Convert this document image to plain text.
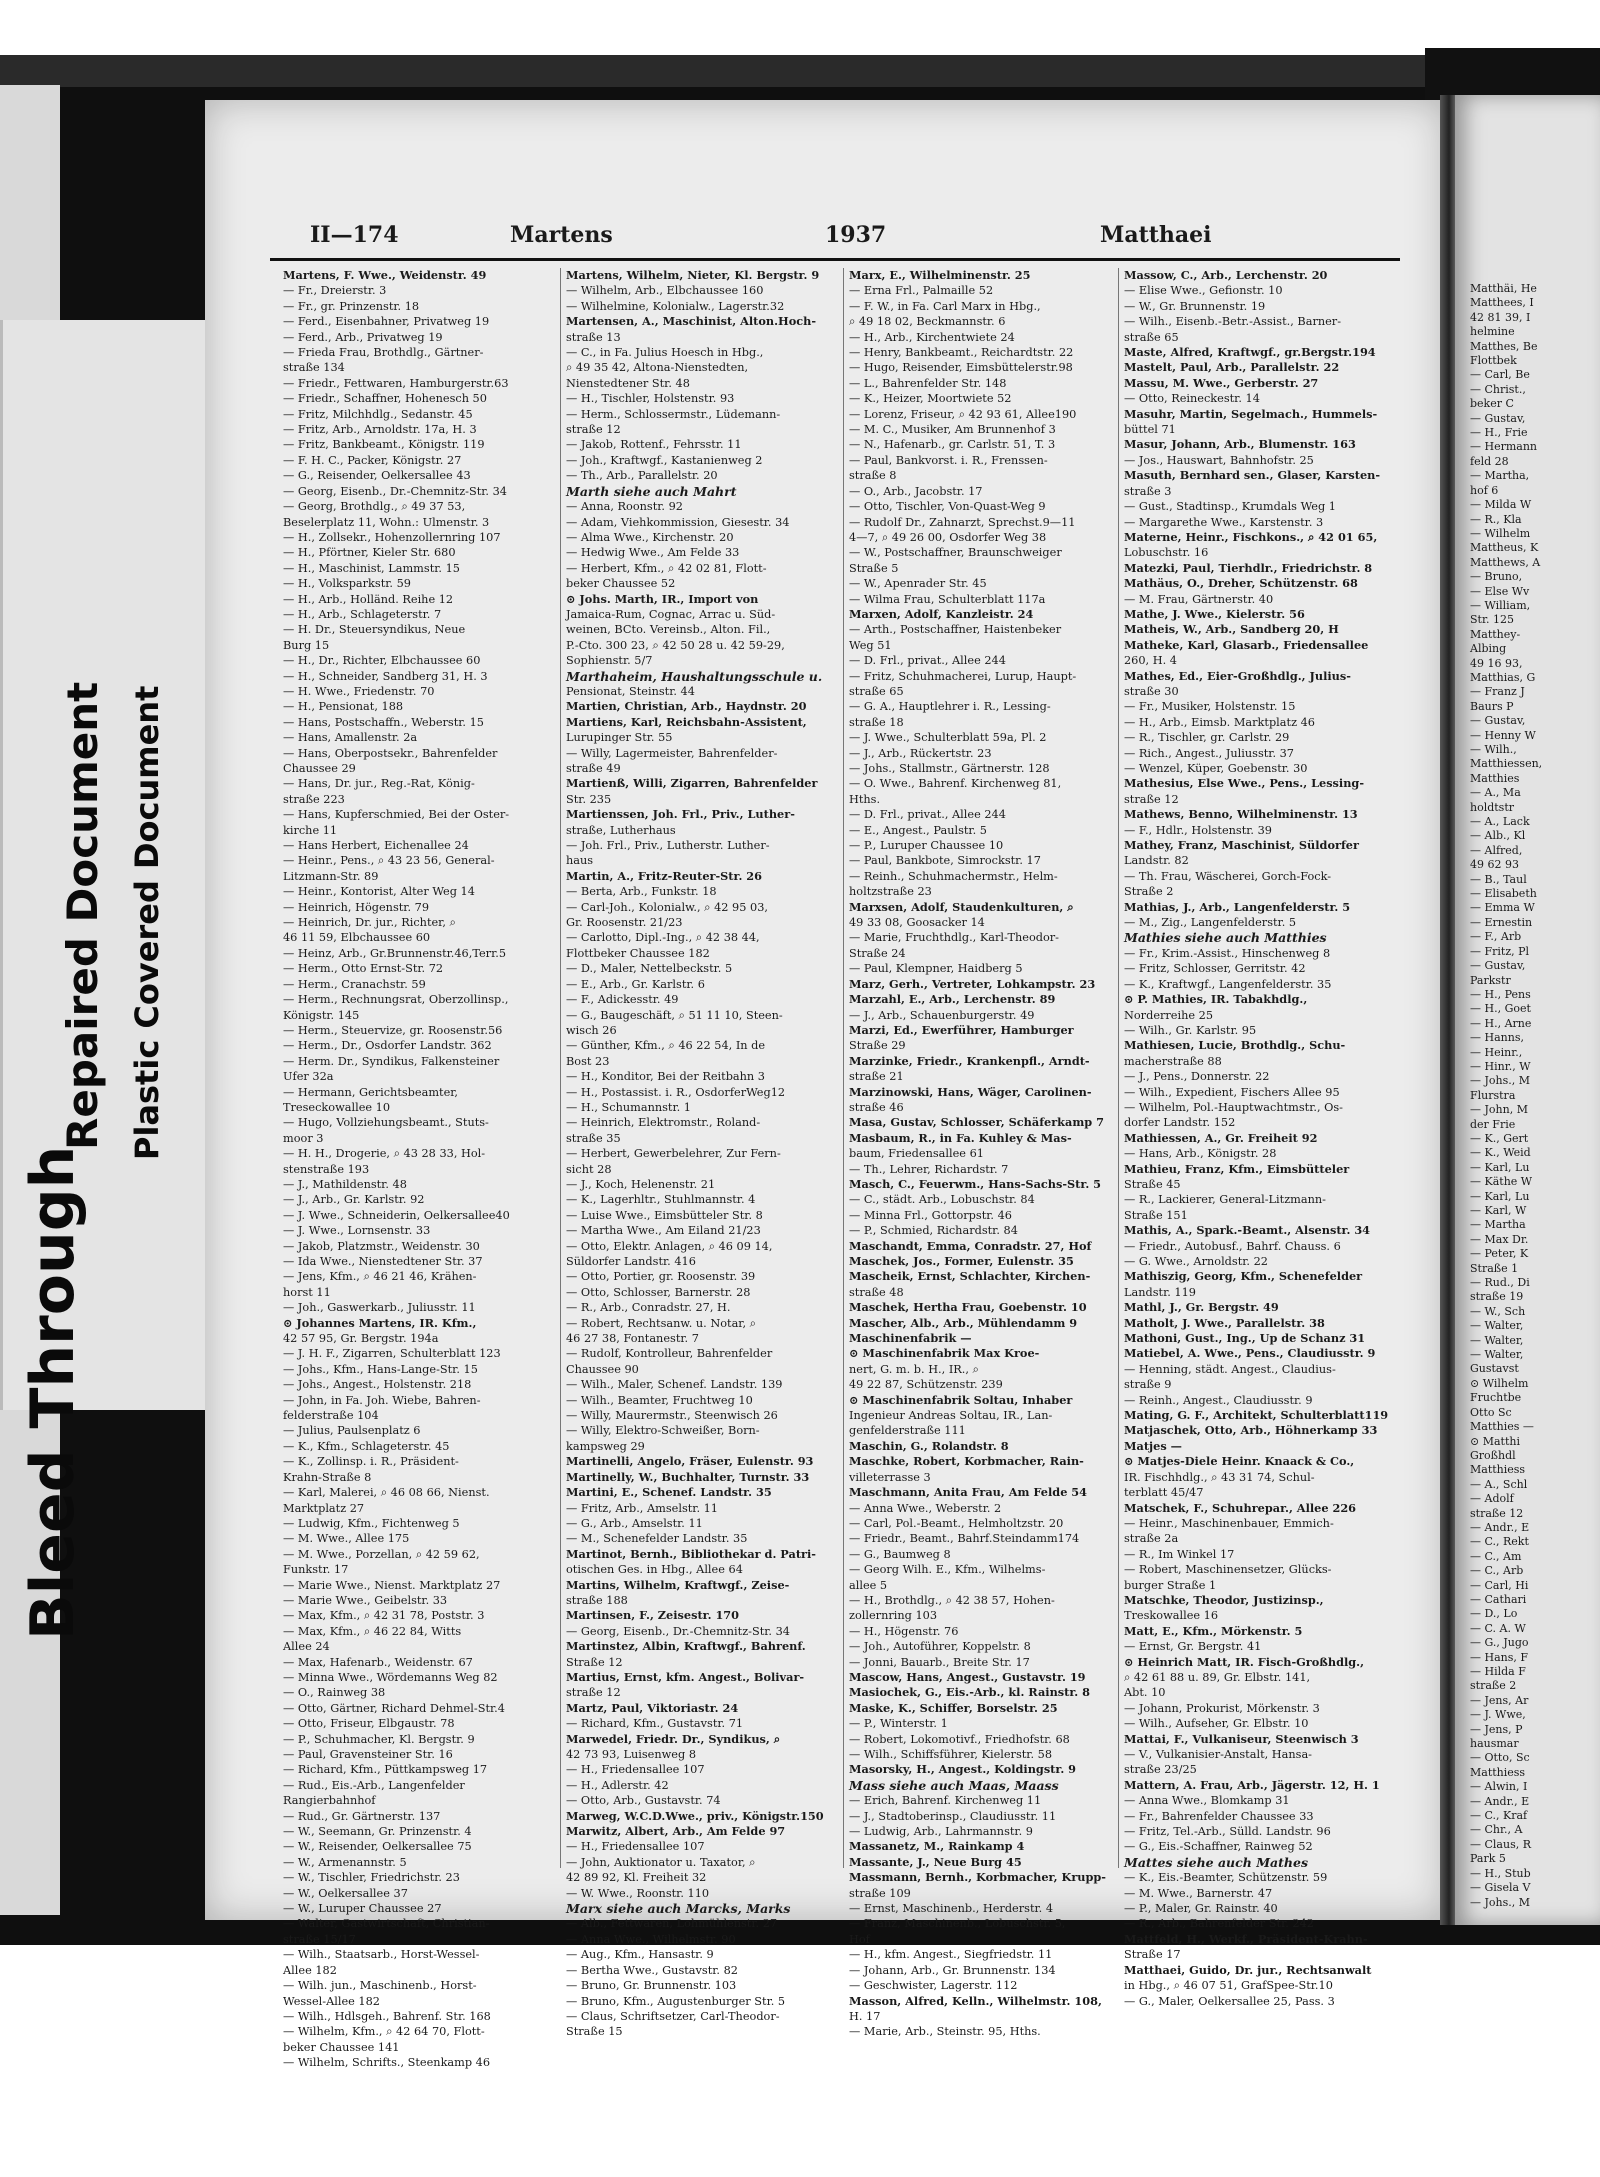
Bleed Through
Repaired Document Plastic Covered Document
II—174	Martens	1937	Matthaei
Martens, F. Wwe., Weidenstr. 49
— Fr., Dreierstr. 3
— Fr., gr. Prinzenstr. 18
— Ferd., Eisenbahner, Privatweg 19
— Ferd., Arb., Privatweg 19
— Frieda Frau, Brothdlg., Gärtner-
straße 134
— Friedr., Fettwaren, Hamburgerstr.63
— Friedr., Schaffner, Hohenesch 50
— Fritz, Milchhdlg., Sedanstr. 45
— Fritz, Arb., Arnoldstr. 17a, H. 3
— Fritz, Bankbeamt., Königstr. 119
— F. H. C., Packer, Königstr. 27
— G., Reisender, Oelkersallee 43
— Georg, Eisenb., Dr.-Chemnitz-Str. 34
— Georg, Brothdlg., ⌕ 49 37 53,
Beselerplatz 11, Wohn.: Ulmenstr. 3
— H., Zollsekr., Hohenzollernring 107
— H., Pförtner, Kieler Str. 680
— H., Maschinist, Lammstr. 15
— H., Volksparkstr. 59
— H., Arb., Holländ. Reihe 12
— H., Arb., Schlageterstr. 7
— H. Dr., Steuersyndikus, Neue
Burg 15
— H., Dr., Richter, Elbchaussee 60
— H., Schneider, Sandberg 31, H. 3
— H. Wwe., Friedenstr. 70
— H., Pensionat, 188
— Hans, Postschaffn., Weberstr. 15
— Hans, Amallenstr. 2a
— Hans, Oberpostsekr., Bahrenfelder
Chaussee 29
— Hans, Dr. jur., Reg.-Rat, König-
straße 223
— Hans, Kupferschmied, Bei der Oster-
kirche 11
— Hans Herbert, Eichenallee 24
— Heinr., Pens., ⌕ 43 23 56, General-
Litzmann-Str. 89
— Heinr., Kontorist, Alter Weg 14
— Heinrich, Högenstr. 79
— Heinrich, Dr. jur., Richter, ⌕
46 11 59, Elbchaussee 60
— Heinz, Arb., Gr.Brunnenstr.46,Terr.5
— Herm., Otto Ernst-Str. 72
— Herm., Cranachstr. 59
— Herm., Rechnungsrat, Oberzollinsp.,
Königstr. 145
— Herm., Steuervize, gr. Roosenstr.56
— Herm., Dr., Osdorfer Landstr. 362
— Herm. Dr., Syndikus, Falkensteiner
Ufer 32a
— Hermann, Gerichtsbeamter,
Treseckowallee 10
— Hugo, Vollziehungsbeamt., Stuts-
moor 3
— H. H., Drogerie, ⌕ 43 28 33, Hol-
stenstraße 193
— J., Mathildenstr. 48
— J., Arb., Gr. Karlstr. 92
— J. Wwe., Schneiderin, Oelkersallee40
— J. Wwe., Lornsenstr. 33
— Jakob, Platzmstr., Weidenstr. 30
— Ida Wwe., Nienstedtener Str. 37
— Jens, Kfm., ⌕ 46 21 46, Krähen-
horst 11
— Joh., Gaswerkarb., Juliusstr. 11
⊙ Johannes Martens, IR. Kfm.,
42 57 95, Gr. Bergstr. 194a
— J. H. F., Zigarren, Schulterblatt 123
— Johs., Kfm., Hans-Lange-Str. 15
— Johs., Angest., Holstenstr. 218
— John, in Fa. Joh. Wiebe, Bahren-
felderstraße 104
— Julius, Paulsenplatz 6
— K., Kfm., Schlageterstr. 45
— K., Zollinsp. i. R., Präsident-
Krahn-Straße 8
— Karl, Malerei, ⌕ 46 08 66, Nienst.
Marktplatz 27
— Ludwig, Kfm., Fichtenweg 5
— M. Wwe., Allee 175
— M. Wwe., Porzellan, ⌕ 42 59 62,
Funkstr. 17
— Marie Wwe., Nienst. Marktplatz 27
— Marie Wwe., Geibelstr. 33
— Max, Kfm., ⌕ 42 31 78, Poststr. 3
— Max, Kfm., ⌕ 46 22 84, Witts
Allee 24
— Max, Hafenarb., Weidenstr. 67
— Minna Wwe., Wördemanns Weg 82
— O., Rainweg 38
— Otto, Gärtner, Richard Dehmel-Str.4
— Otto, Friseur, Elbgaustr. 78
— P., Schuhmacher, Kl. Bergstr. 9
— Paul, Gravensteiner Str. 16
— Richard, Kfm., Püttkampsweg 17
— Rud., Eis.-Arb., Langenfelder
Rangierbahnhof
— Rud., Gr. Gärtnerstr. 137
— W., Seemann, Gr. Prinzenstr. 4
— W., Reisender, Oelkersallee 75
— W., Armenannstr. 5
— W., Tischler, Friedrichstr. 23
— W., Oelkersallee 37
— W., Luruper Chaussee 27
— Walter, Gastwirtschaft, Christian-
straße 15/17
— Wilh., Staatsarb., Horst-Wessel-
Allee 182
— Wilh. jun., Maschinenb., Horst-
Wessel-Allee 182
— Wilh., Hdlsgeh., Bahrenf. Str. 168
— Wilhelm, Kfm., ⌕ 42 64 70, Flott-
beker Chaussee 141
— Wilhelm, Schrifts., Steenkamp 46
Martens, Wilhelm, Nieter, Kl. Bergstr. 9
— Wilhelm, Arb., Elbchaussee 160
— Wilhelmine, Kolonialw., Lagerstr.32
Martensen, A., Maschinist, Alton.Hoch-
straße 13
— C., in Fa. Julius Hoesch in Hbg.,
⌕ 49 35 42, Altona-Nienstedten,
Nienstedtener Str. 48
— H., Tischler, Holstenstr. 93
— Herm., Schlossermstr., Lüdemann-
straße 12
— Jakob, Rottenf., Fehrsstr. 11
— Joh., Kraftwgf., Kastanienweg 2
— Th., Arb., Parallelstr. 20
Marth siehe auch Mahrt
— Anna, Roonstr. 92
— Adam, Viehkommission, Giesestr. 34
— Alma Wwe., Kirchenstr. 20
— Hedwig Wwe., Am Felde 33
— Herbert, Kfm., ⌕ 42 02 81, Flott-
beker Chaussee 52
⊙ Johs. Marth, IR., Import von
Jamaica-Rum, Cognac, Arrac u. Süd-
weinen, BCto. Vereinsb., Alton. Fil.,
P.-Cto. 300 23, ⌕ 42 50 28 u. 42 59-29,
Sophienstr. 5/7
Marthaheim, Haushaltungsschule u.
Pensionat, Steinstr. 44
Martien, Christian, Arb., Haydnstr. 20
Martiens, Karl, Reichsbahn-Assistent,
Lurupinger Str. 55
— Willy, Lagermeister, Bahrenfelder-
straße 49
Martienß, Willi, Zigarren, Bahrenfelder
Str. 235
Martienssen, Joh. Frl., Priv., Luther-
straße, Lutherhaus
— Joh. Frl., Priv., Lutherstr. Luther-
haus
Martin, A., Fritz-Reuter-Str. 26
— Berta, Arb., Funkstr. 18
— Carl-Joh., Kolonialw., ⌕ 42 95 03,
Gr. Roosenstr. 21/23
— Carlotto, Dipl.-Ing., ⌕ 42 38 44,
Flottbeker Chaussee 182
— D., Maler, Nettelbeckstr. 5
— E., Arb., Gr. Karlstr. 6
— F., Adickesstr. 49
— G., Baugeschäft, ⌕ 51 11 10, Steen-
wisch 26
— Günther, Kfm., ⌕ 46 22 54, In de
Bost 23
— H., Konditor, Bei der Reitbahn 3
— H., Postassist. i. R., OsdorferWeg12
— H., Schumannstr. 1
— Heinrich, Elektromstr., Roland-
straße 35
— Herbert, Gewerbelehrer, Zur Fern-
sicht 28
— J., Koch, Helenenstr. 21
— K., Lagerhltr., Stuhlmannstr. 4
— Luise Wwe., Eimsbütteler Str. 8
— Martha Wwe., Am Eiland 21/23
— Otto, Elektr. Anlagen, ⌕ 46 09 14,
Süldorfer Landstr. 416
— Otto, Portier, gr. Roosenstr. 39
— Otto, Schlosser, Barnerstr. 28
— R., Arb., Conradstr. 27, H.
— Robert, Rechtsanw. u. Notar, ⌕
46 27 38, Fontanestr. 7
— Rudolf, Kontrolleur, Bahrenfelder
Chaussee 90
— Wilh., Maler, Schenef. Landstr. 139
— Wilh., Beamter, Fruchtweg 10
— Willy, Maurermstr., Steenwisch 26
— Willy, Elektro-Schweißer, Born-
kampsweg 29
Martinelli, Angelo, Fräser, Eulenstr. 93
Martinelly, W., Buchhalter, Turnstr. 33
Martini, E., Schenef. Landstr. 35
— Fritz, Arb., Amselstr. 11
— G., Arb., Amselstr. 11
— M., Schenefelder Landstr. 35
Martinot, Bernh., Bibliothekar d. Patri-
otischen Ges. in Hbg., Allee 64
Martins, Wilhelm, Kraftwgf., Zeise-
straße 188
Martinsen, F., Zeisestr. 170
— Georg, Eisenb., Dr.-Chemnitz-Str. 34
Martinstez, Albin, Kraftwgf., Bahrenf.
Straße 12
Martius, Ernst, kfm. Angest., Bolivar-
straße 12
Martz, Paul, Viktoriastr. 24
— Richard, Kfm., Gustavstr. 71
Marwedel, Friedr. Dr., Syndikus, ⌕
42 73 93, Luisenweg 8
— H., Friedensallee 107
— H., Adlerstr. 42
— Otto, Arb., Gustavstr. 74
Marweg, W.C.D.Wwe., priv., Königstr.150
Marwitz, Albert, Arb., Am Felde 97
— H., Friedensallee 107
— John, Auktionator u. Taxator, ⌕
42 89 92, Kl. Freiheit 32
— W. Wwe., Roonstr. 110
Marx siehe auch Marcks, Marks
— Alb., Fettwaren, Lohmühlenstr. 27
— Anna Wwe., Wilhelmstr. 90
— Aug., Kfm., Hansastr. 9
— Bertha Wwe., Gustavstr. 82
— Bruno, Gr. Brunnenstr. 103
— Bruno, Kfm., Augustenburger Str. 5
— Claus, Schriftsetzer, Carl-Theodor-
Straße 15
Marx, E., Wilhelminenstr. 25
— Erna Frl., Palmaille 52
— F. W., in Fa. Carl Marx in Hbg.,
⌕ 49 18 02, Beckmannstr. 6
— H., Arb., Kirchentwiete 24
— Henry, Bankbeamt., Reichardtstr. 22
— Hugo, Reisender, Eimsbüttelerstr.98
— L., Bahrenfelder Str. 148
— K., Heizer, Moortwiete 52
— Lorenz, Friseur, ⌕ 42 93 61, Allee190
— M. C., Musiker, Am Brunnenhof 3
— N., Hafenarb., gr. Carlstr. 51, T. 3
— Paul, Bankvorst. i. R., Frenssen-
straße 8
— O., Arb., Jacobstr. 17
— Otto, Tischler, Von-Quast-Weg 9
— Rudolf Dr., Zahnarzt, Sprechst.9—11
4—7, ⌕ 49 26 00, Osdorfer Weg 38
— W., Postschaffner, Braunschweiger
Straße 5
— W., Apenrader Str. 45
— Wilma Frau, Schulterblatt 117a
Marxen, Adolf, Kanzleistr. 24
— Arth., Postschaffner, Haistenbeker
Weg 51
— D. Frl., privat., Allee 244
— Fritz, Schuhmacherei, Lurup, Haupt-
straße 65
— G. A., Hauptlehrer i. R., Lessing-
straße 18
— J. Wwe., Schulterblatt 59a, Pl. 2
— J., Arb., Rückertstr. 23
— Johs., Stallmstr., Gärtnerstr. 128
— O. Wwe., Bahrenf. Kirchenweg 81,
Hths.
— D. Frl., privat., Allee 244
— E., Angest., Paulstr. 5
— P., Luruper Chaussee 10
— Paul, Bankbote, Simrockstr. 17
— Reinh., Schuhmachermstr., Helm-
holtzstraße 23
Marxsen, Adolf, Staudenkulturen, ⌕
49 33 08, Goosacker 14
— Marie, Fruchthdlg., Karl-Theodor-
Straße 24
— Paul, Klempner, Haidberg 5
Marz, Gerh., Vertreter, Lohkampstr. 23
Marzahl, E., Arb., Lerchenstr. 89
— J., Arb., Schauenburgerstr. 49
Marzi, Ed., Ewerführer, Hamburger
Straße 29
Marzinke, Friedr., Krankenpfl., Arndt-
straße 21
Marzinowski, Hans, Wäger, Carolinen-
straße 46
Masa, Gustav, Schlosser, Schäferkamp 7
Masbaum, R., in Fa. Kuhley & Mas-
baum, Friedensallee 61
— Th., Lehrer, Richardstr. 7
Masch, C., Feuerwm., Hans-Sachs-Str. 5
— C., städt. Arb., Lobuschstr. 84
— Minna Frl., Gottorpstr. 46
— P., Schmied, Richardstr. 84
Maschandt, Emma, Conradstr. 27, Hof
Maschek, Jos., Former, Eulenstr. 35
Mascheik, Ernst, Schlachter, Kirchen-
straße 48
Maschek, Hertha Frau, Goebenstr. 10
Mascher, Alb., Arb., Mühlendamm 9
Maschinenfabrik —
⊙ Maschinenfabrik Max Kroe-
nert, G. m. b. H., IR., ⌕
49 22 87, Schützenstr. 239
⊙ Maschinenfabrik Soltau, Inhaber
Ingenieur Andreas Soltau, IR., Lan-
genfelderstraße 111
Maschin, G., Rolandstr. 8
Maschke, Robert, Korbmacher, Rain-
villeterrasse 3
Maschmann, Anita Frau, Am Felde 54
— Anna Wwe., Weberstr. 2
— Carl, Pol.-Beamt., Helmholtzstr. 20
— Friedr., Beamt., Bahrf.Steindamm174
— G., Baumweg 8
— Georg Wilh. E., Kfm., Wilhelms-
allee 5
— H., Brothdlg., ⌕ 42 38 57, Hohen-
zollernring 103
— H., Högenstr. 76
— Joh., Autoführer, Koppelstr. 8
— Jonni, Bauarb., Breite Str. 17
Mascow, Hans, Angest., Gustavstr. 19
Masiochek, G., Eis.-Arb., kl. Rainstr. 8
Maske, K., Schiffer, Borselstr. 25
— P., Winterstr. 1
— Robert, Lokomotivf., Friedhofstr. 68
— Wilh., Schiffsführer, Kielerstr. 58
Masorsky, H., Angest., Koldingstr. 9
Mass siehe auch Maas, Maass
— Erich, Bahrenf. Kirchenweg 11
— J., Stadtoberinsp., Claudiusstr. 11
— Ludwig, Arb., Lahrmannstr. 9
Massanetz, M., Rainkamp 4
Massante, J., Neue Burg 45
Massmann, Bernh., Korbmacher, Krupp-
straße 109
— Ernst, Maschinenb., Herderstr. 4
— Franz, Maschinenb., Lobuschstr. 5,
Hof
— H., kfm. Angest., Siegfriedstr. 11
— Johann, Arb., Gr. Brunnenstr. 134
— Geschwister, Lagerstr. 112
Masson, Alfred, Kelln., Wilhelmstr. 108,
H. 17
— Marie, Arb., Steinstr. 95, Hths.
Massow, C., Arb., Lerchenstr. 20
— Elise Wwe., Gefionstr. 10
— W., Gr. Brunnenstr. 19
— Wilh., Eisenb.-Betr.-Assist., Barner-
straße 65
Maste, Alfred, Kraftwgf., gr.Bergstr.194
Mastelt, Paul, Arb., Parallelstr. 22
Massu, M. Wwe., Gerberstr. 27
— Otto, Reineckestr. 14
Masuhr, Martin, Segelmach., Hummels-
büttel 71
Masur, Johann, Arb., Blumenstr. 163
— Jos., Hauswart, Bahnhofstr. 25
Masuth, Bernhard sen., Glaser, Karsten-
straße 3
— Gust., Stadtinsp., Krumdals Weg 1
— Margarethe Wwe., Karstenstr. 3
Materne, Heinr., Fischkons., ⌕ 42 01 65,
Lobuschstr. 16
Matezki, Paul, Tierhdlr., Friedrichstr. 8
Mathäus, O., Dreher, Schützenstr. 68
— M. Frau, Gärtnerstr. 40
Mathe, J. Wwe., Kielerstr. 56
Matheis, W., Arb., Sandberg 20, H
Matheke, Karl, Glasarb., Friedensallee
260, H. 4
Mathes, Ed., Eier-Großhdlg., Julius-
straße 30
— Fr., Musiker, Holstenstr. 15
— H., Arb., Eimsb. Marktplatz 46
— R., Tischler, gr. Carlstr. 29
— Rich., Angest., Juliusstr. 37
— Wenzel, Küper, Goebenstr. 30
Mathesius, Else Wwe., Pens., Lessing-
straße 12
Mathews, Benno, Wilhelminenstr. 13
— F., Hdlr., Holstenstr. 39
Mathey, Franz, Maschinist, Süldorfer
Landstr. 82
— Th. Frau, Wäscherei, Gorch-Fock-
Straße 2
Mathias, J., Arb., Langenfelderstr. 5
— M., Zig., Langenfelderstr. 5
Mathies siehe auch Matthies
— Fr., Krim.-Assist., Hinschenweg 8
— Fritz, Schlosser, Gerritstr. 42
— K., Kraftwgf., Langenfelderstr. 35
⊙ P. Mathies, IR. Tabakhdlg.,
Norderreihe 25
— Wilh., Gr. Karlstr. 95
Mathiesen, Lucie, Brothdlg., Schu-
macherstraße 88
— J., Pens., Donnerstr. 22
— Wilh., Expedient, Fischers Allee 95
— Wilhelm, Pol.-Hauptwachtmstr., Os-
dorfer Landstr. 152
Mathiessen, A., Gr. Freiheit 92
— Hans, Arb., Königstr. 28
Mathieu, Franz, Kfm., Eimsbütteler
Straße 45
— R., Lackierer, General-Litzmann-
Straße 151
Mathis, A., Spark.-Beamt., Alsenstr. 34
— Friedr., Autobusf., Bahrf. Chauss. 6
— G. Wwe., Arnoldstr. 22
Mathiszig, Georg, Kfm., Schenefelder
Landstr. 119
Mathl, J., Gr. Bergstr. 49
Matholt, J. Wwe., Parallelstr. 38
Mathoni, Gust., Ing., Up de Schanz 31
Matiebel, A. Wwe., Pens., Claudiusstr. 9
— Henning, städt. Angest., Claudius-
straße 9
— Reinh., Angest., Claudiusstr. 9
Mating, G. F., Architekt, Schulterblatt119
Matjaschek, Otto, Arb., Höhnerkamp 33
Matjes —
⊙ Matjes-Diele Heinr. Knaack & Co.,
IR. Fischhdlg., ⌕ 43 31 74, Schul-
terblatt 45/47
Matschek, F., Schuhrepar., Allee 226
— Heinr., Maschinenbauer, Emmich-
straße 2a
— R., Im Winkel 17
— Robert, Maschinensetzer, Glücks-
burger Straße 1
Matschke, Theodor, Justizinsp.,
Treskowallee 16
Matt, E., Kfm., Mörkenstr. 5
— Ernst, Gr. Bergstr. 41
⊙ Heinrich Matt, IR. Fisch-Großhdlg.,
⌕ 42 61 88 u. 89, Gr. Elbstr. 141,
Abt. 10
— Johann, Prokurist, Mörkenstr. 3
— Wilh., Aufseher, Gr. Elbstr. 10
Mattai, F., Vulkaniseur, Steenwisch 3
— V., Vulkanisier-Anstalt, Hansa-
straße 23/25
Mattern, A. Frau, Arb., Jägerstr. 12, H. 1
— Anna Wwe., Blomkamp 31
— Fr., Bahrenfelder Chaussee 33
— Fritz, Tel.-Arb., Sülld. Landstr. 96
— G., Eis.-Schaffner, Rainweg 52
Mattes siehe auch Mathes
— K., Eis.-Beamter, Schützenstr. 59
— M. Wwe., Barnerstr. 47
— P., Maler, Gr. Rainstr. 40
— R., Arb., Bahrenfelder Str. 242
Mattfeld, H., Werkf., Präsident-Krahn-
Straße 17
Matthaei, Guido, Dr. jur., Rechtsanwalt
in Hbg., ⌕ 46 07 51, GrafSpee-Str.10
— G., Maler, Oelkersallee 25, Pass. 3
Matthäi, He
Matthees, I
42 81 39, I
helmine
Matthes, Be
Flottbek
— Carl, Be
— Christ.,
beker C
— Gustav,
— H., Frie
— Hermann
feld 28
— Martha,
hof 6
— Milda W
— R., Kla
— Wilhelm
Mattheus, K
Matthews, A
— Bruno,
— Else Wv
— William,
Str. 125
Matthey-
Albing
49 16 93,
Matthias, G
— Franz J
Baurs P
— Gustav,
— Henny W
— Wilh.,
Matthiessen,
Matthies
— A., Ma
holdtstr
— A., Lack
— Alb., Kl
— Alfred,
49 62 93
— B., Taul
— Elisabeth
— Emma W
— Ernestin
— F., Arb
— Fritz, Pl
— Gustav,
Parkstr
— H., Pens
— H., Goet
— H., Arne
— Hanns,
— Heinr.,
— Hinr., W
— Johs., M
Flurstra
— John, M
der Frie
— K., Gert
— K., Weid
— Karl, Lu
— Käthe W
— Karl, Lu
— Karl, W
— Martha
— Max Dr.
— Peter, K
Straße 1
— Rud., Di
straße 19
— W., Sch
— Walter,
— Walter,
— Walter,
Gustavst
⊙ Wilhelm
Fruchtbe
Otto Sc
Matthies —
⊙ Matthi
Großhdl
Matthiess
— A., Schl
— Adolf
straße 12
— Andr., E
— C., Rekt
— C., Am
— C., Arb
— Carl, Hi
— Cathari
— D., Lo
— C. A. W
— G., Jugo
— Hans, F
— Hilda F
straße 2
— Jens, Ar
— J. Wwe,
— Jens, P
hausmar
— Otto, Sc
Matthiess
— Alwin, I
— Andr., E
— C., Kraf
— Chr., A
— Claus, R
Park 5
— H., Stub
— Gisela V
— Johs., M
